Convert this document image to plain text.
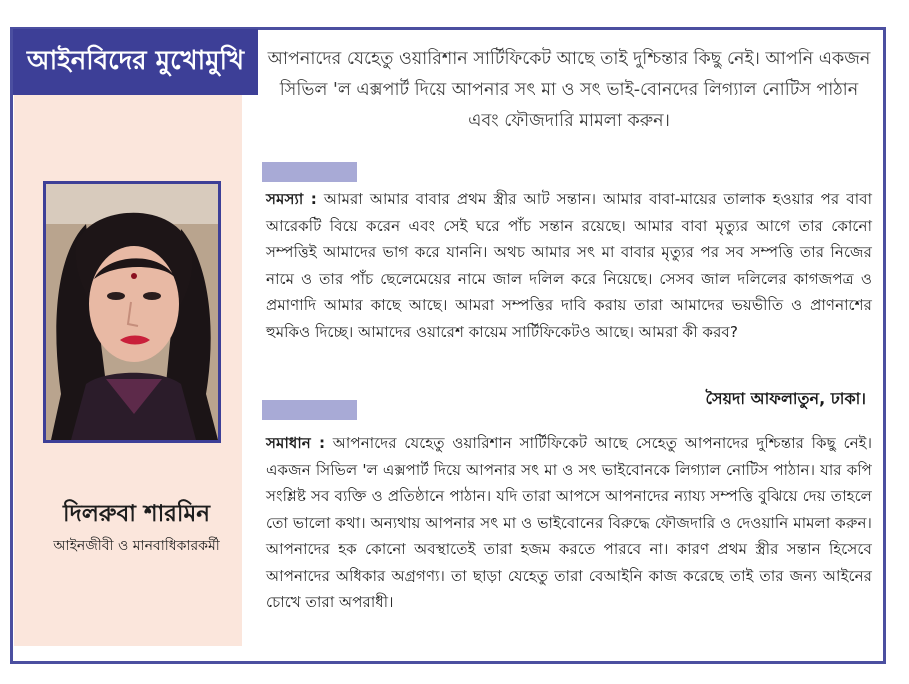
আইনবিদের মুখোমুখি
দিলরুবা শারমিন
আইনজীবী ও মানবাধিকারকর্মী
আপনাদের যেহেতু ওয়ারিশান সার্টিফিকেট আছে তাই দুশ্চিন্তার কিছু নেই। আপনি একজন সিভিল 'ল এক্সপার্ট দিয়ে আপনার সৎ মা ও সৎ ভাই-বোনদের লিগ্যাল নোটিস পাঠান এবং ফৌজদারি মামলা করুন।
সমস্যা : আমরা আমার বাবার প্রথম স্ত্রীর আট সন্তান। আমার বাবা-মায়ের তালাক হওয়ার পর বাবা আরেকটি বিয়ে করেন এবং সেই ঘরে পাঁচ সন্তান রয়েছে। আমার বাবা মৃত্যুর আগে তার কোনো সম্পত্তিই আমাদের ভাগ করে যাননি। অথচ আমার সৎ মা বাবার মৃত্যুর পর সব সম্পত্তি তার নিজের নামে ও তার পাঁচ ছেলেমেয়ের নামে জাল দলিল করে নিয়েছে। সেসব জাল দলিলের কাগজপত্র ও প্রমাণাদি আমার কাছে আছে। আমরা সম্পত্তির দাবি করায় তারা আমাদের ভয়ভীতি ও প্রাণনাশের হুমকিও দিচ্ছে। আমাদের ওয়ারেশ কায়েম সার্টিফিকেটও আছে। আমরা কী করব?
সৈয়দা আফলাতুন, ঢাকা।
সমাধান : আপনাদের যেহেতু ওয়ারিশান সার্টিফিকেট আছে সেহেতু আপনাদের দুশ্চিন্তার কিছু নেই। একজন সিভিল 'ল এক্সপার্ট দিয়ে আপনার সৎ মা ও সৎ ভাইবোনকে লিগ্যাল নোটিস পাঠান। যার কপি সংশ্লিষ্ট সব ব্যক্তি ও প্রতিষ্ঠানে পাঠান। যদি তারা আপসে আপনাদের ন্যায্য সম্পত্তি বুঝিয়ে দেয় তাহলে তো ভালো কথা। অন্যথায় আপনার সৎ মা ও ভাইবোনের বিরুদ্ধে ফৌজদারি ও দেওয়ানি মামলা করুন। আপনাদের হক কোনো অবস্থাতেই তারা হজম করতে পারবে না। কারণ প্রথম স্ত্রীর সন্তান হিসেবে আপনাদের অধিকার অগ্রগণ্য। তা ছাড়া যেহেতু তারা বেআইনি কাজ করেছে তাই তার জন্য আইনের চোখে তারা অপরাধী।
